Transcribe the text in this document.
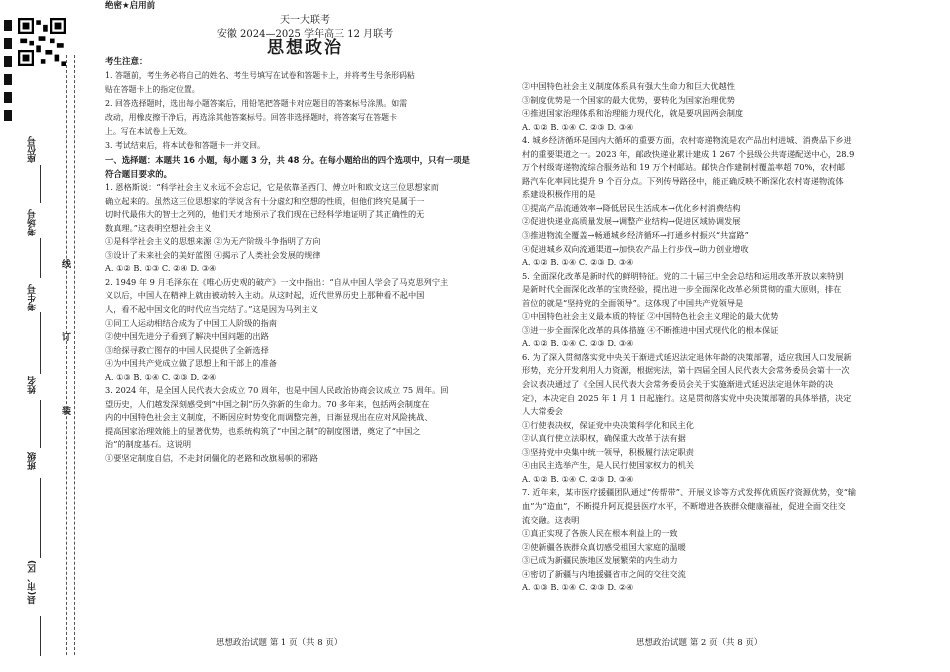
座位号
考场号
考生号
姓名
班级
县(市、区)
线
订
装

绝密★启用前

天一大联考

安徽 2024—2025 学年高三 12 月联考

思想政治

考生注意：

1. 答题前，考生务必将自己的姓名、考生号填写在试卷和答题卡上，并将考生号条形码粘

贴在答题卡上的指定位置。

2. 回答选择题时，选出每小题答案后，用铅笔把答题卡对应题目的答案标号涂黑。如需

改动，用橡皮擦干净后，再选涂其他答案标号。回答非选择题时，将答案写在答题卡

上。写在本试卷上无效。

3. 考试结束后，将本试卷和答题卡一并交回。

一、选择题：本题共 16 小题，每小题 3 分，共 48 分。在每小题给出的四个选项中，只有一项是

符合题目要求的。

1. 恩格斯说：“科学社会主义永远不会忘记，它是依靠圣西门、傅立叶和欧文这三位思想家而

确立起来的。虽然这三位思想家的学说含有十分虚幻和空想的性质，但他们终究是属于一

切时代最伟大的智士之列的，他们天才地预示了我们现在已经科学地证明了其正确性的无

数真理。”这表明空想社会主义

①是科学社会主义的思想来源 ②为无产阶级斗争指明了方向

③设计了未来社会的美好蓝图 ④揭示了人类社会发展的规律

A. ①② B. ①③ C. ②④ D. ③④

2. 1949 年 9 月毛泽东在《唯心历史观的破产》一文中指出：“自从中国人学会了马克思列宁主

义以后，中国人在精神上就由被动转入主动。从这时起，近代世界历史上那种看不起中国

人，看不起中国文化的时代应当完结了。”这是因为马列主义

①同工人运动相结合成为了中国工人阶级的指南

②使中国先进分子看到了解决中国问题的出路

③给探寻救亡图存的中国人民提供了全新选择

④为中国共产党成立做了思想上和干部上的准备

A. ①③ B. ①④ C. ②③ D. ②④

3. 2024 年，是全国人民代表大会成立 70 周年，也是中国人民政治协商会议成立 75 周年。回

望历史，人们越发深刻感受到“中国之制”历久弥新的生命力。70 多年来，包括两会制度在

内的中国特色社会主义制度，不断因应时势变化而调整完善，日渐显现出在应对风险挑战、

提高国家治理效能上的显著优势，也系统构筑了“中国之制”的制度图谱，奠定了“中国之

治”的制度基石。这说明

①要坚定制度自信，不走封闭僵化的老路和改旗易帜的邪路

②中国特色社会主义制度体系具有强大生命力和巨大优越性

③制度优势是一个国家的最大优势，要转化为国家治理优势

④推进国家治理体系和治理能力现代化，就是要巩固两会制度

A. ①② B. ①④ C. ②③ D. ③④

4. 城乡经济循环是国内大循环的重要方面，农村寄递物流是农产品出村进城、消费品下乡进

村的重要渠道之一。2023 年，邮政快递业累计建成 1 267 个县级公共寄递配送中心，28.9

万个村级寄递物流综合服务站和 19 万个村邮站。邮快合作建制村覆盖率超 70%，农村邮

路汽车化率同比提升 9 个百分点。下列传导路径中，能正确反映不断深化农村寄递物流体

系建设积极作用的是

①提高产品流通效率→降低居民生活成本→优化乡村消费结构

②促进快递业高质量发展→调整产业结构→促进区域协调发展

③推进物流全覆盖→畅通城乡经济循环→打通乡村振兴“共富路”

④促进城乡双向流通渠道→加快农产品上行步伐→助力创业增收

A. ①② B. ①④ C. ②③ D. ③④

5. 全面深化改革是新时代的鲜明特征。党的二十届三中全会总结和运用改革开放以来特别

是新时代全面深化改革的宝贵经验，提出进一步全面深化改革必须贯彻的重大原则，排在

首位的就是“坚持党的全面领导”。这体现了中国共产党领导是

①中国特色社会主义最本质的特征 ②中国特色社会主义理论的最大优势

③进一步全面深化改革的具体措施 ④不断推进中国式现代化的根本保证

A. ①② B. ①④ C. ②③ D. ③④

6. 为了深入贯彻落实党中央关于渐进式延迟法定退休年龄的决策部署，适应我国人口发展新

形势，充分开发利用人力资源，根据宪法，第十四届全国人民代表大会常务委员会第十一次

会议表决通过了《全国人民代表大会常务委员会关于实施渐进式延迟法定退休年龄的决

定》，本决定自 2025 年 1 月 1 日起施行。这是贯彻落实党中央决策部署的具体举措，决定

人大常委会

①行使表决权，保证党中央决策科学化和民主化

②认真行使立法职权，确保重大改革于法有据

③坚持党中央集中统一领导，积极履行法定职责

④由民主选举产生，是人民行使国家权力的机关

A. ①② B. ①④ C. ②③ D. ③④

7. 近年来，某市医疗援疆团队通过“传帮带”、开展义诊等方式发挥优质医疗资源优势，变“输

血”为“造血”，不断提升阿瓦提县医疗水平，不断增进各族群众健康福祉，促进全面交往交

流交融。这表明

①真正实现了各族人民在根本利益上的一致

②使新疆各族群众真切感受祖国大家庭的温暖

③已成为新疆民族地区发展繁荣的内生动力

④密切了新疆与内地援疆省市之间的交往交流

A. ①③ B. ①④ C. ②③ D. ②④

思想政治试题 第 1 页（共 8 页）	思想政治试题 第 2 页（共 8 页）
